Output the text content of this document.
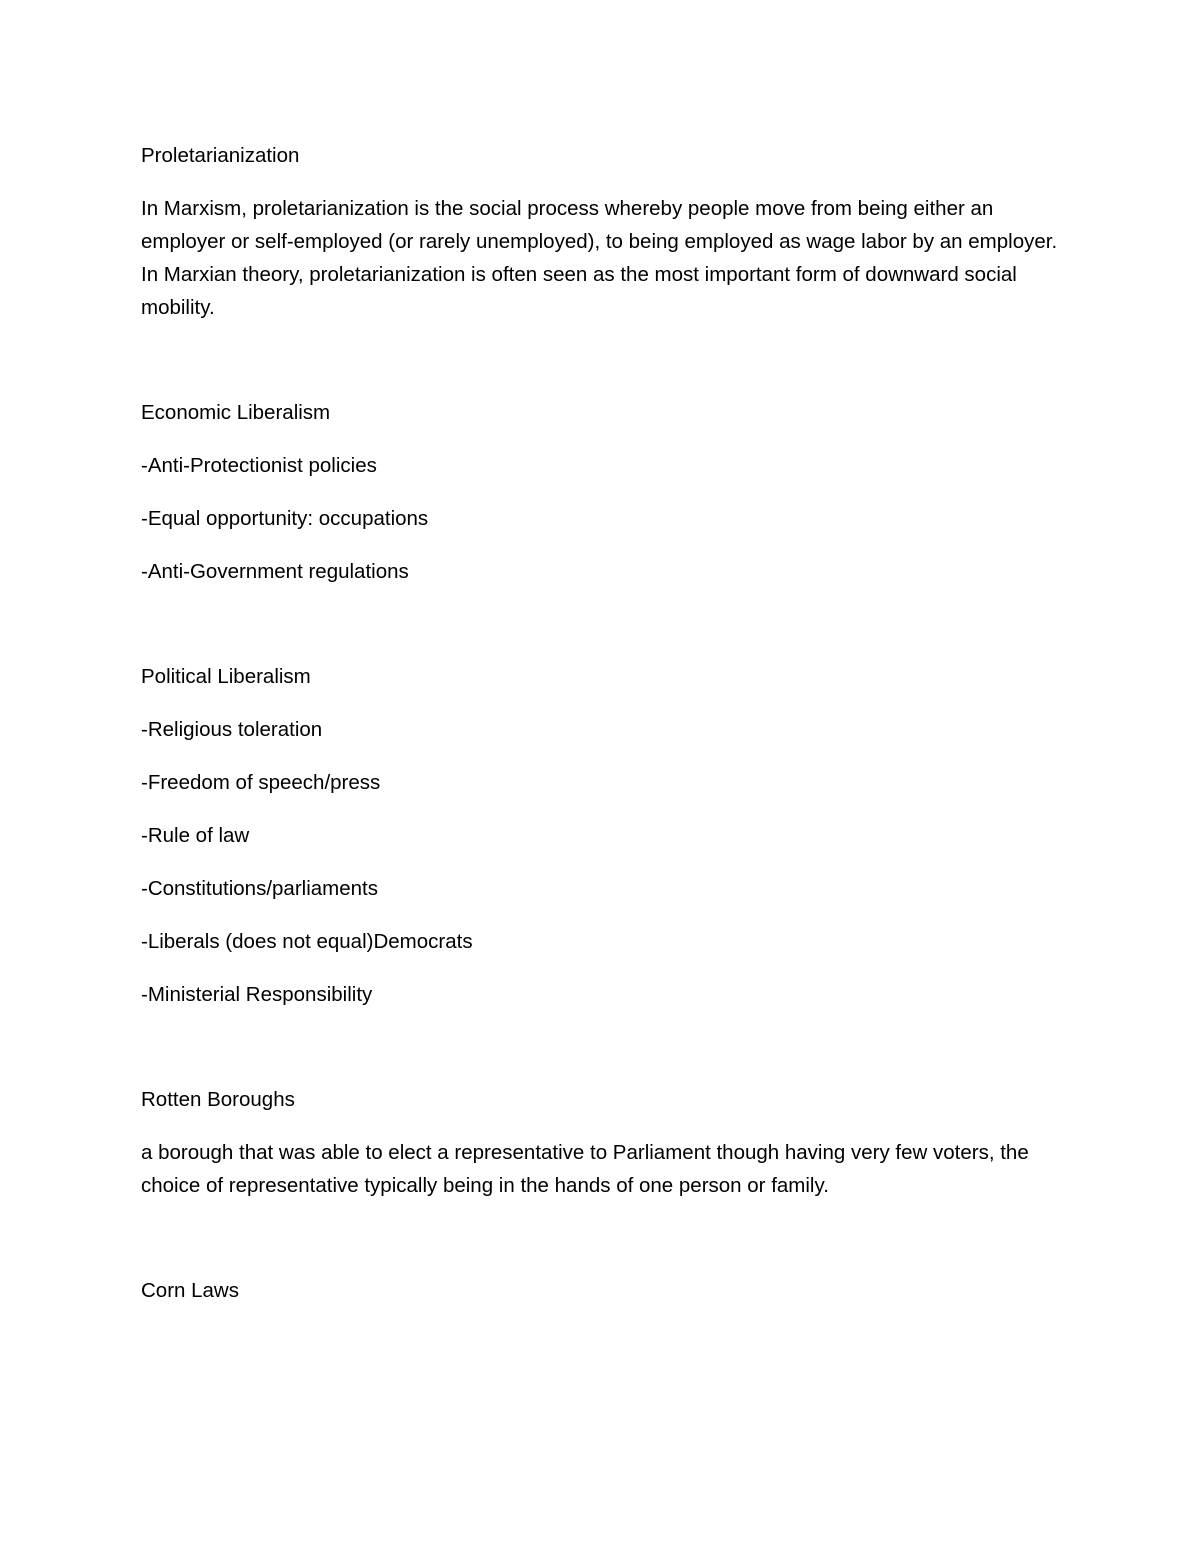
Proletarianization

In Marxism, proletarianization is the social process whereby people move from being either an employer or self-employed (or rarely unemployed), to being employed as wage labor by an employer. In Marxian theory, proletarianization is often seen as the most important form of downward social mobility.

Economic Liberalism

-Anti-Protectionist policies

-Equal opportunity: occupations

-Anti-Government regulations

Political Liberalism

-Religious toleration

-Freedom of speech/press

-Rule of law

-Constitutions/parliaments

-Liberals (does not equal)Democrats

-Ministerial Responsibility

Rotten Boroughs

a borough that was able to elect a representative to Parliament though having very few voters, the choice of representative typically being in the hands of one person or family.

Corn Laws
